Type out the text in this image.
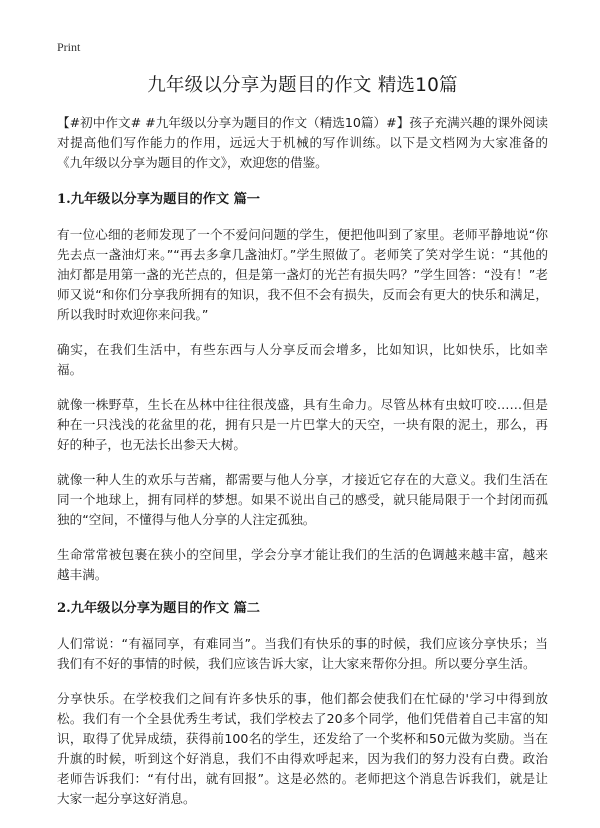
Print
九年级以分享为题目的作文 精选10篇

【#初中作文# #九年级以分享为题目的作文（精选10篇）#】孩子充满兴趣的课外阅读对提高他们写作能力的作用，远远大于机械的写作训练。以下是文档网为大家准备的《九年级以分享为题目的作文》，欢迎您的借鉴。

1.九年级以分享为题目的作文 篇一

有一位心细的老师发现了一个不爱问问题的学生，便把他叫到了家里。老师平静地说“你先去点一盏油灯来。”“再去多拿几盏油灯。”学生照做了。老师笑了笑对学生说：“其他的油灯都是用第一盏的光芒点的，但是第一盏灯的光芒有损失吗？”学生回答：“没有！”老师又说“和你们分享我所拥有的知识，我不但不会有损失，反而会有更大的快乐和满足，所以我时时欢迎你来问我。”

确实，在我们生活中，有些东西与人分享反而会增多，比如知识，比如快乐，比如幸福。

就像一株野草，生长在丛林中往往很茂盛，具有生命力。尽管丛林有虫蚊叮咬……但是种在一只浅浅的花盆里的花，拥有只是一片巴掌大的天空，一块有限的泥土，那么，再好的种子，也无法长出参天大树。

就像一种人生的欢乐与苦痛，都需要与他人分享，才接近它存在的大意义。我们生活在同一个地球上，拥有同样的梦想。如果不说出自己的感受，就只能局限于一个封闭而孤独的“空间，不懂得与他人分享的人注定孤独。

生命常常被包裹在狭小的空间里，学会分享才能让我们的生活的色调越来越丰富，越来越丰满。

2.九年级以分享为题目的作文 篇二

人们常说：“有福同享，有难同当”。当我们有快乐的事的时候，我们应该分享快乐；当我们有不好的事情的时候，我们应该告诉大家，让大家来帮你分担。所以要分享生活。

分享快乐。在学校我们之间有许多快乐的事，他们都会使我们在忙碌的'学习中得到放松。我们有一个全县优秀生考试，我们学校去了20多个同学，他们凭借着自己丰富的知识，取得了优异成绩，获得前100名的学生，还发给了一个奖杯和50元做为奖励。当在升旗的时候，听到这个好消息，我们不由得欢呼起来，因为我们的努力没有白费。政治老师告诉我们：“有付出，就有回报”。这是必然的。老师把这个消息告诉我们，就是让大家一起分享这好消息。
